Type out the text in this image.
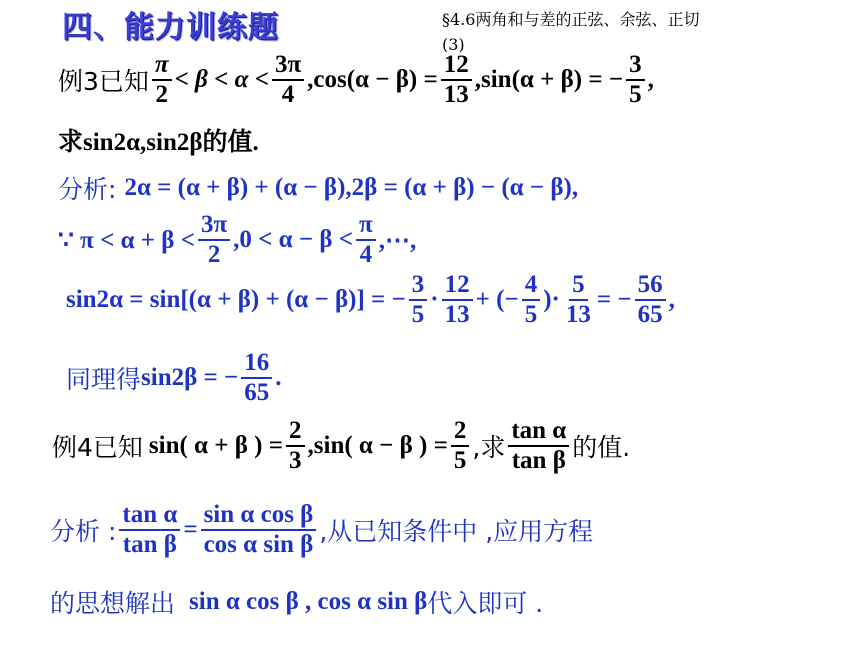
四、能力训练题	§4.6两角和与差的正弦、余弦、正切
(3)
例3已知 $\frac{\pi}{2} < \beta < \alpha < \frac{3\pi}{4} ,\cos(\alpha - \beta) = \frac{12}{13} ,\sin(\alpha + \beta)$ = − $\frac{3}{5}$ ,
求sin2α,sin2β的值.
分析: 2α = (α + β) + (α − β),2β = (α + β) − (α − β),
∵ $\pi < \alpha + \beta < \frac{3\pi}{2} ,0 < \alpha - \beta < \frac{\pi}{4}$ ,⋯,
sin2α = sin[(α + β) + (α − β)] = − $\frac{3}{5} \cdot \frac{12}{13}$ + (− $\frac{4}{5}$ )· $\frac{5}{13}$ = − $\frac{56}{65}$ ,
同理得 sin2β = − $\frac{16}{65}$ .
例4已知 sin( α + β ) = $\frac{2}{3} ,\sin$( α − β ) = $\frac{2}{5}$ ,求 $\frac{\text{tan α}}{\text{tan β}}$ 的值.
分析 : $\frac{\text{tan α}}{\text{tan β}} = \frac{\text{sin α cos β}}{\text{cos α sin β}}$ ,从已知条件中 ,应用方程
的思想解出 sin α cos β , cos α sin β 代入即可 .
